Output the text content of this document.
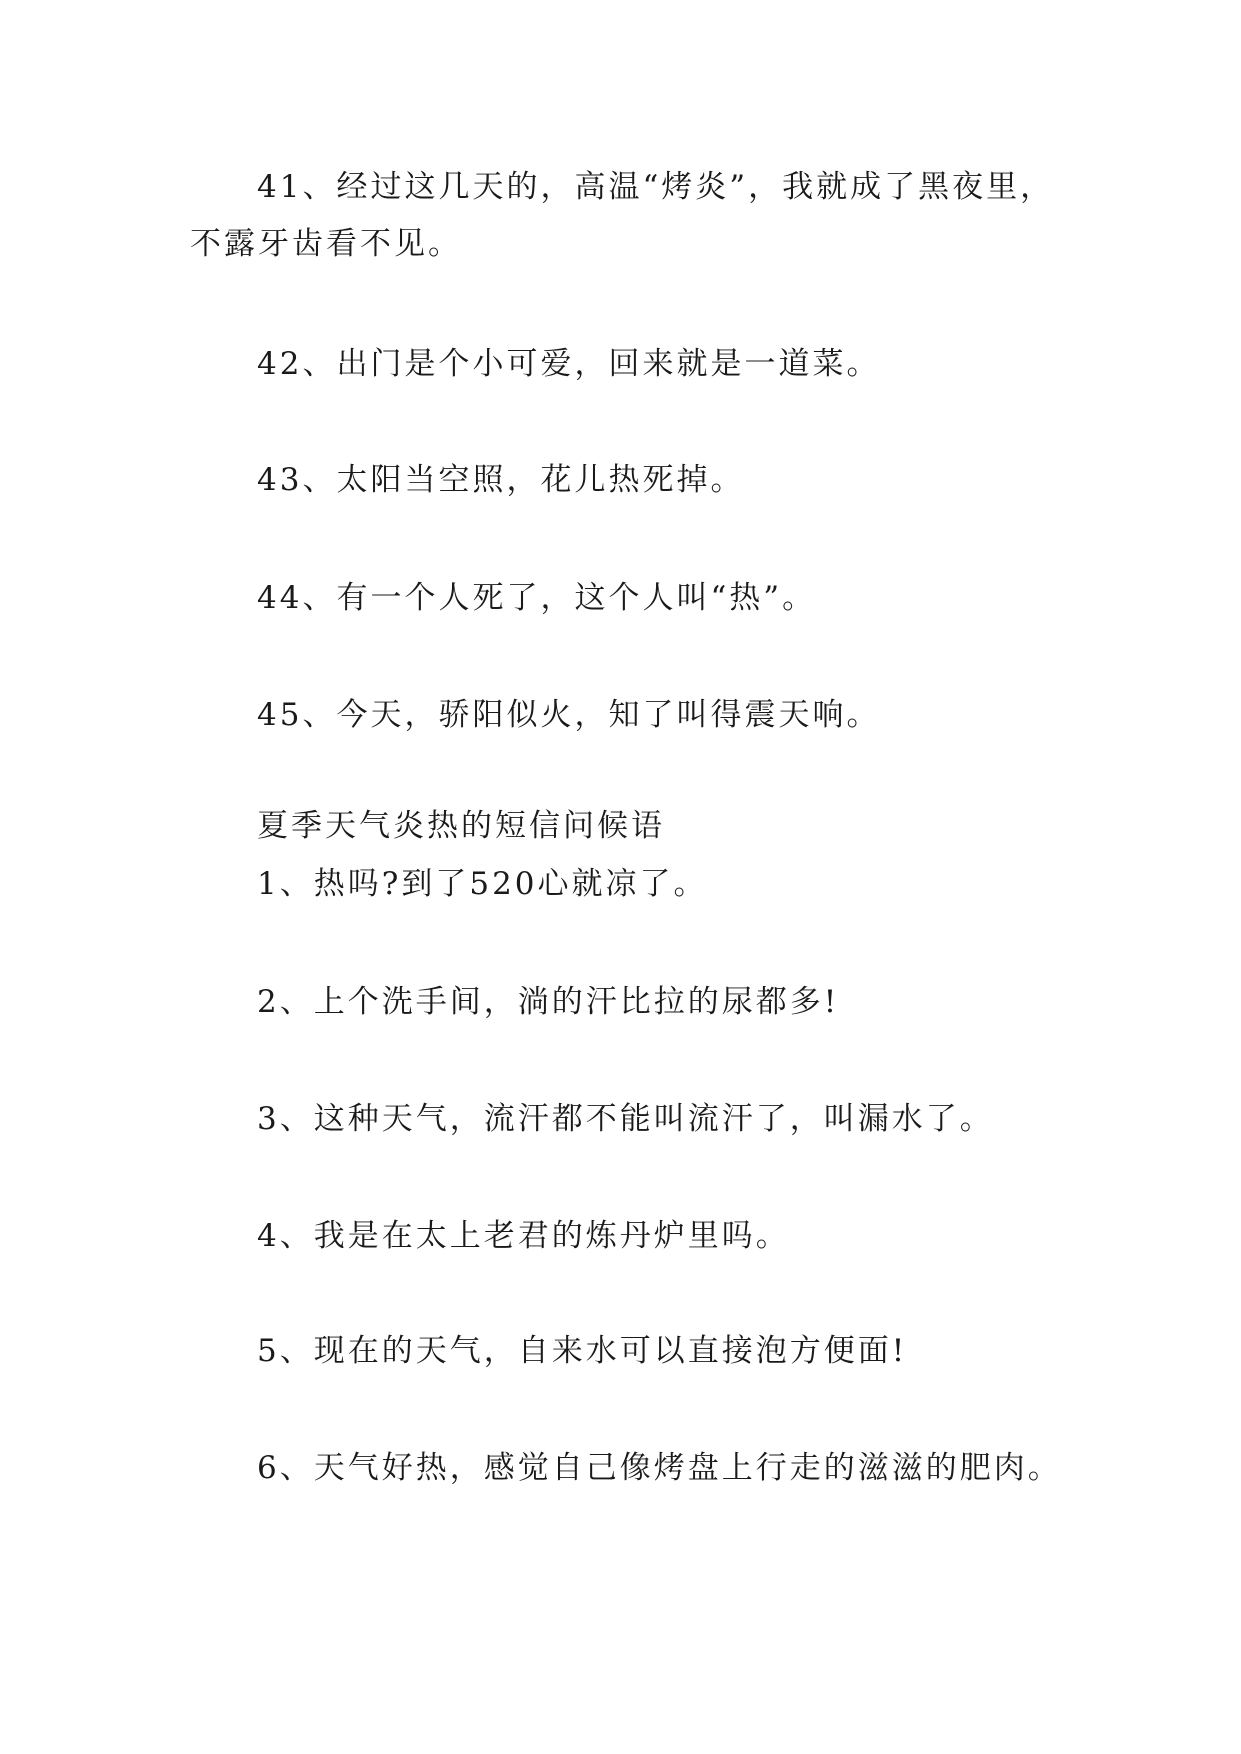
41、经过这几天的，高温“烤炎”，我就成了黑夜里，

不露牙齿看不见。

42、出门是个小可爱，回来就是一道菜。

43、太阳当空照，花儿热死掉。

44、有一个人死了，这个人叫“热”。

45、今天，骄阳似火，知了叫得震天响。

夏季天气炎热的短信问候语

1、热吗?到了520心就凉了。

2、上个洗手间，淌的汗比拉的尿都多!

3、这种天气，流汗都不能叫流汗了，叫漏水了。

4、我是在太上老君的炼丹炉里吗。

5、现在的天气，自来水可以直接泡方便面!

6、天气好热，感觉自己像烤盘上行走的滋滋的肥肉。
